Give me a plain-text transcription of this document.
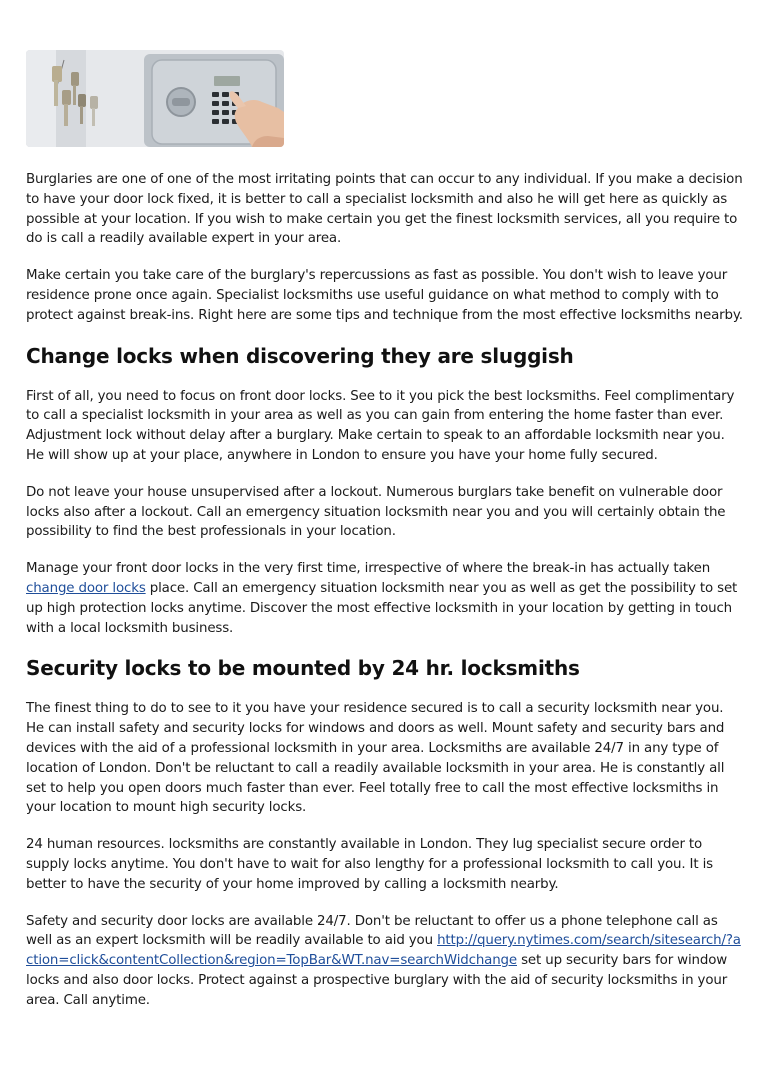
Burglaries are one of one of the most irritating points that can occur to any individual. If you make a decision to have your door lock fixed, it is better to call a specialist locksmith and also he will get here as quickly as possible at your location. If you wish to make certain you get the finest locksmith services, all you require to do is call a readily available expert in your area.

Make certain you take care of the burglary's repercussions as fast as possible. You don't wish to leave your residence prone once again. Specialist locksmiths use useful guidance on what method to comply with to protect against break-ins. Right here are some tips and technique from the most effective locksmiths nearby.

Change locks when discovering they are sluggish

First of all, you need to focus on front door locks. See to it you pick the best locksmiths. Feel complimentary to call a specialist locksmith in your area as well as you can gain from entering the home faster than ever. Adjustment lock without delay after a burglary. Make certain to speak to an affordable locksmith near you. He will show up at your place, anywhere in London to ensure you have your home fully secured.

Do not leave your house unsupervised after a lockout. Numerous burglars take benefit on vulnerable door locks also after a lockout. Call an emergency situation locksmith near you and you will certainly obtain the possibility to find the best professionals in your location.

Manage your front door locks in the very first time, irrespective of where the break-in has actually taken change door locks place. Call an emergency situation locksmith near you as well as get the possibility to set up high protection locks anytime. Discover the most effective locksmith in your location by getting in touch with a local locksmith business.

Security locks to be mounted by 24 hr. locksmiths

The finest thing to do to see to it you have your residence secured is to call a security locksmith near you. He can install safety and security locks for windows and doors as well. Mount safety and security bars and devices with the aid of a professional locksmith in your area. Locksmiths are available 24/7 in any type of location of London. Don't be reluctant to call a readily available locksmith in your area. He is constantly all set to help you open doors much faster than ever. Feel totally free to call the most effective locksmiths in your location to mount high security locks.

24 human resources. locksmiths are constantly available in London. They lug specialist secure order to supply locks anytime. You don't have to wait for also lengthy for a professional locksmith to call you. It is better to have the security of your home improved by calling a locksmith nearby.

Safety and security door locks are available 24/7. Don't be reluctant to offer us a phone telephone call as well as an expert locksmith will be readily available to aid you http://query.nytimes.com/search/sitesearch/?action=click&contentCollection&region=TopBar&WT.nav=searchWidchange set up security bars for window locks and also door locks. Protect against a prospective burglary with the aid of security locksmiths in your area. Call anytime.
